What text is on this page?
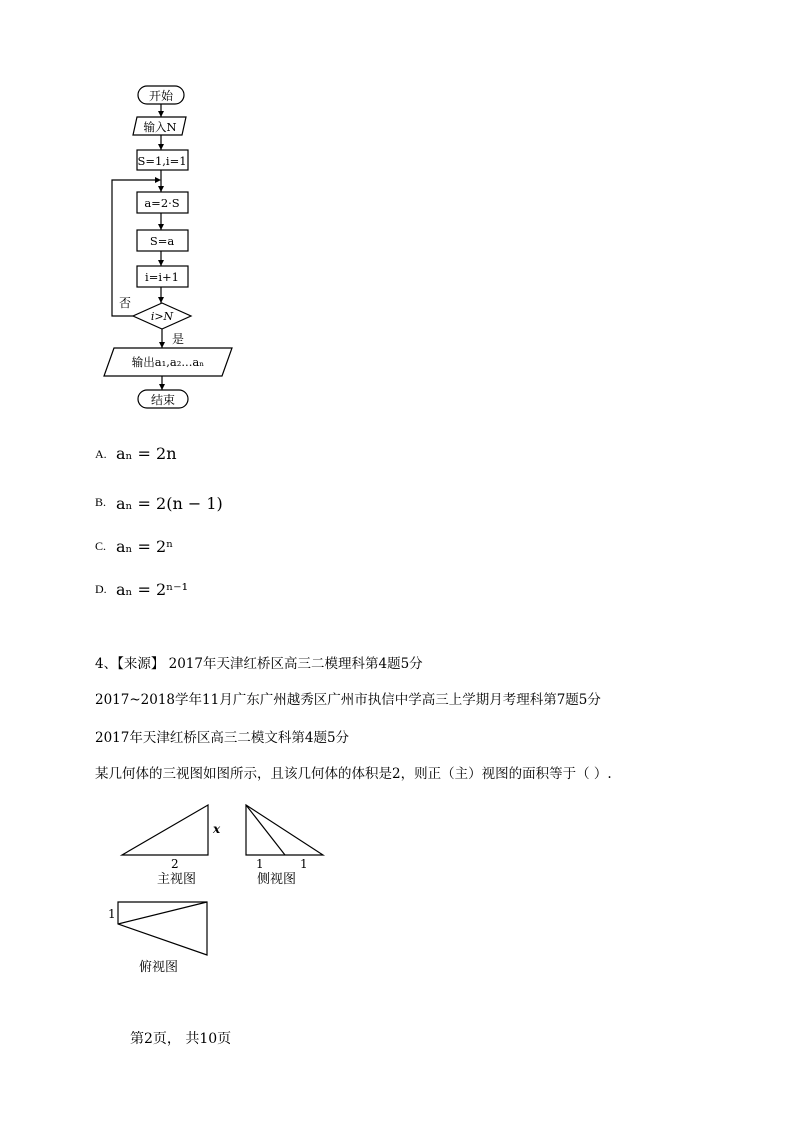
开始
输入N
S=1,i=1
a=2·S
S=a
i=i+1
i>N
否
是
输出a₁,a₂...aₙ
结束
A. aₙ = 2n
B. aₙ = 2(n − 1)
C. aₙ = 2ⁿ
D. aₙ = 2ⁿ⁻¹
4、【来源】 2017年天津红桥区高三二模理科第4题5分
2017~2018学年11月广东广州越秀区广州市执信中学高三上学期月考理科第7题5分
2017年天津红桥区高三二模文科第4题5分
某几何体的三视图如图所示，且该几何体的体积是2，则正（主）视图的面积等于（ ）.
x
2
主视图
1	1
侧视图
1
俯视图
第2页， 共10页
